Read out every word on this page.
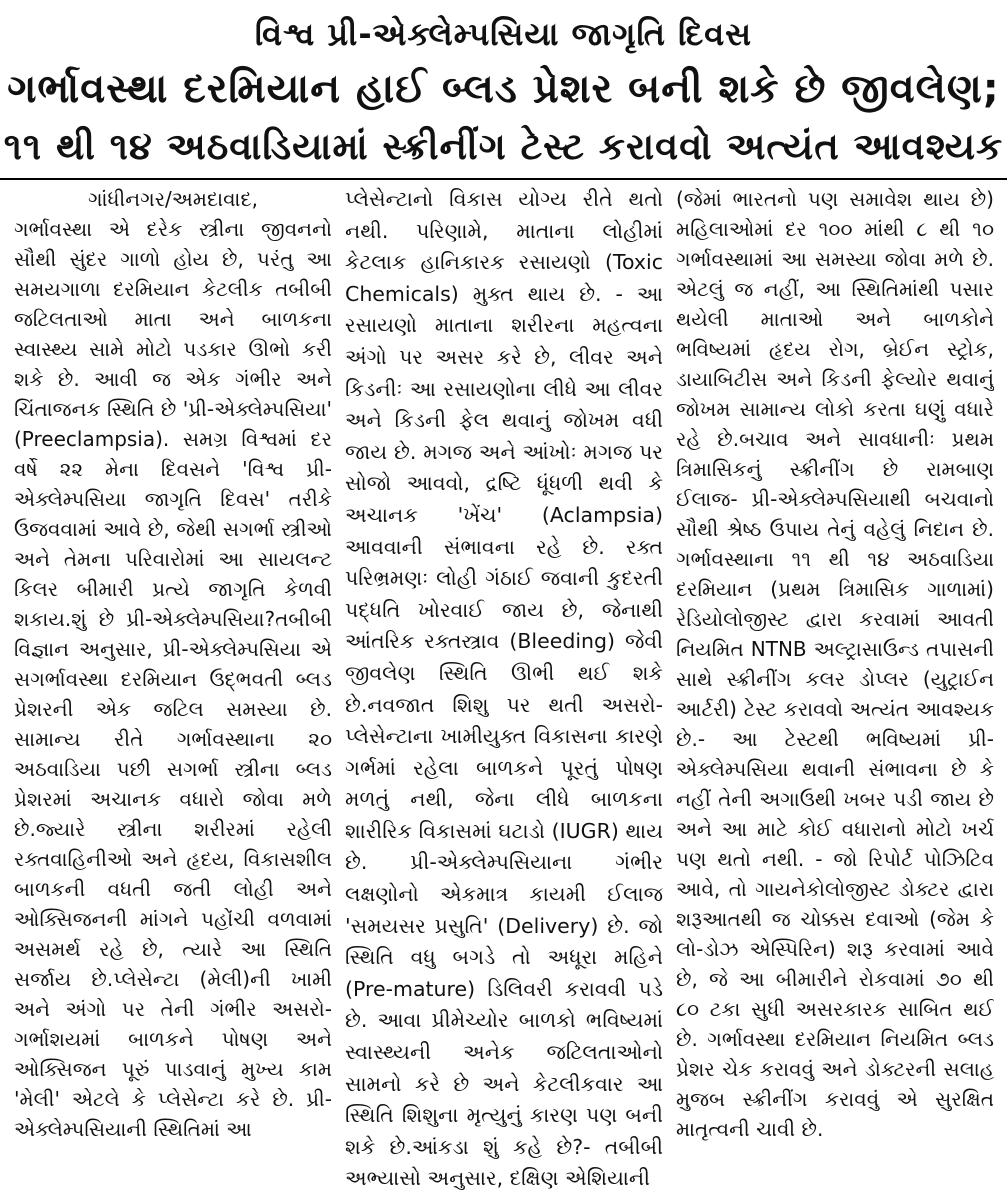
વિશ્વ પ્રી-એક્લેમ્પસિયા જાગૃતિ દિવસ
ગર્ભાવસ્થા દરમિયાન હાઈ બ્લડ પ્રેશર બની શકે છે જીવલેણ;
૧૧ થી ૧૪ અઠવાડિયામાં સ્ક્રીનીંગ ટેસ્ટ કરાવવો અત્યંત આવશ્યક
ગાંધીનગર/અમદાવાદ,

ગર્ભાવસ્થા એ દરેક સ્ત્રીના જીવનનો સૌથી સુંદર ગાળો હોય છે, પરંતુ આ સમયગાળા દરમિયાન કેટલીક તબીબી જટિલતાઓ માતા અને બાળકના સ્વાસ્થ્ય સામે મોટો પડકાર ઊભો કરી શકે છે. આવી જ એક ગંભીર અને ચિંતાજનક સ્થિતિ છે 'પ્રી-એક્લેમ્પસિયા' (Preeclampsia). સમગ્ર વિશ્વમાં દર વર્ષે ૨૨ મેના દિવસને 'વિશ્વ પ્રી-એક્લેમ્પસિયા જાગૃતિ દિવસ' તરીકે ઉજવવામાં આવે છે, જેથી સગર્ભા સ્ત્રીઓ અને તેમના પરિવારોમાં આ સાયલન્ટ કિલર બીમારી પ્રત્યે જાગૃતિ કેળવી શકાય.શું છે પ્રી-એક્લેમ્પસિયા?તબીબી વિજ્ઞાન અનુસાર, પ્રી-એક્લેમ્પસિયા એ સગર્ભાવસ્થા દરમિયાન ઉદ્ભવતી બ્લડ પ્રેશરની એક જટિલ સમસ્યા છે. સામાન્ય રીતે ગર્ભાવસ્થાના ૨૦ અઠવાડિયા પછી સગર્ભા સ્ત્રીના બ્લડ પ્રેશરમાં અચાનક વધારો જોવા મળે છે.જ્યારે સ્ત્રીના શરીરમાં રહેલી રક્તવાહિનીઓ અને હૃદય, વિકાસશીલ બાળકની વધતી જતી લોહી અને ઓક્સિજનની માંગને પહોંચી વળવામાં અસમર્થ રહે છે, ત્યારે આ સ્થિતિ સર્જાય છે.પ્લેસેન્ટા (મેલી)ની ખામી અને અંગો પર તેની ગંભીર અસરો- ગર્ભાશયમાં બાળકને પોષણ અને ઓક્સિજન પૂરું પાડવાનું મુખ્ય કામ 'મેલી' એટલે કે પ્લેસેન્ટા કરે છે. પ્રી-એક્લેમ્પસિયાની સ્થિતિમાં આ

પ્લેસેન્ટાનો વિકાસ યોગ્ય રીતે થતો નથી. પરિણામે, માતાના લોહીમાં કેટલાક હાનિકારક રસાયણો (Toxic Chemicals) મુક્ત થાય છે. - આ રસાયણો માતાના શરીરના મહત્વના અંગો પર અસર કરે છે, લીવર અને કિડનીઃ આ રસાયણોના લીધે આ લીવર અને કિડની ફેલ થવાનું જોખમ વધી જાય છે. મગજ અને આંખોઃ મગજ પર સોજો આવવો, દ્રષ્ટિ ધૂંધળી થવી કે અચાનક 'ખેંચ' (Aclampsia) આવવાની સંભાવના રહે છે. રક્ત પરિભ્રમણઃ લોહી ગંઠાઈ જવાની કુદરતી પદ્ધતિ ખોરવાઈ જાય છે, જેનાથી આંતરિક રક્તસ્ત્રાવ (Bleeding) જેવી જીવલેણ સ્થિતિ ઊભી થઈ શકે છે.નવજાત શિશુ પર થતી અસરો- પ્લેસેન્ટાના ખામીયુક્ત વિકાસના કારણે ગર્ભમાં રહેલા બાળકને પૂરતું પોષણ મળતું નથી, જેના લીધે બાળકના શારીરિક વિકાસમાં ઘટાડો (IUGR) થાય છે. પ્રી-એક્લેમ્પસિયાના ગંભીર લક્ષણોનો એકમાત્ર કાયમી ઈલાજ 'સમયસર પ્રસુતિ' (Delivery) છે. જો સ્થિતિ વધુ બગડે તો અધૂરા મહિને (Pre-mature) ડિલિવરી કરાવવી પડે છે. આવા પ્રીમેચ્યોર બાળકો ભવિષ્યમાં સ્વાસ્થ્યની અનેક જટિલતાઓનો સામનો કરે છે અને કેટલીકવાર આ સ્થિતિ શિશુના મૃત્યુનું કારણ પણ બની શકે છે.આંકડા શું કહે છે?- તબીબી અભ્યાસો અનુસાર, દક્ષિણ એશિયાની

(જેમાં ભારતનો પણ સમાવેશ થાય છે) મહિલાઓમાં દર ૧૦૦ માંથી ૮ થી ૧૦ ગર્ભાવસ્થામાં આ સમસ્યા જોવા મળે છે. એટલું જ નહીં, આ સ્થિતિમાંથી પસાર થયેલી માતાઓ અને બાળકોને ભવિષ્યમાં હૃદય રોગ, બ્રેઈન સ્ટ્રોક, ડાયાબિટીસ અને કિડની ફેલ્યોર થવાનું જોખમ સામાન્ય લોકો કરતા ઘણું વધારે રહે છે.બચાવ અને સાવધાનીઃ પ્રથમ ત્રિમાસિકનું સ્ક્રીનીંગ છે રામબાણ ઈલાજ- પ્રી-એક્લેમ્પસિયાથી બચવાનો સૌથી શ્રેષ્ઠ ઉપાય તેનું વહેલું નિદાન છે. ગર્ભાવસ્થાના ૧૧ થી ૧૪ અઠવાડિયા દરમિયાન (પ્રથમ ત્રિમાસિક ગાળામાં) રેડિયોલોજીસ્ટ દ્વારા કરવામાં આવતી નિયમિત NTNB અલ્ટ્રાસાઉન્ડ તપાસની સાથે સ્ક્રીનીંગ કલર ડોપ્લર (યુટ્રાઈન આર્ટરી) ટેસ્ટ કરાવવો અત્યંત આવશ્યક છે.- આ ટેસ્ટથી ભવિષ્યમાં પ્રી-એક્લેમ્પસિયા થવાની સંભાવના છે કે નહીં તેની અગાઉથી ખબર પડી જાય છે અને આ માટે કોઈ વધારાનો મોટો ખર્ચ પણ થતો નથી. - જો રિપોર્ટ પોઝિટિવ આવે, તો ગાયનેકોલોજીસ્ટ ડોક્ટર દ્વારા શરૂઆતથી જ ચોક્કસ દવાઓ (જેમ કે લો-ડોઝ એસ્પિરિન) શરૂ કરવામાં આવે છે, જે આ બીમારીને રોકવામાં ૭૦ થી ૮૦ ટકા સુધી અસરકારક સાબિત થઈ છે. ગર્ભાવસ્થા દરમિયાન નિયમિત બ્લડ પ્રેશર ચેક કરાવવું અને ડોક્ટરની સલાહ મુજબ સ્ક્રીનીંગ કરાવવું એ સુરક્ષિત માતૃત્વની ચાવી છે.
